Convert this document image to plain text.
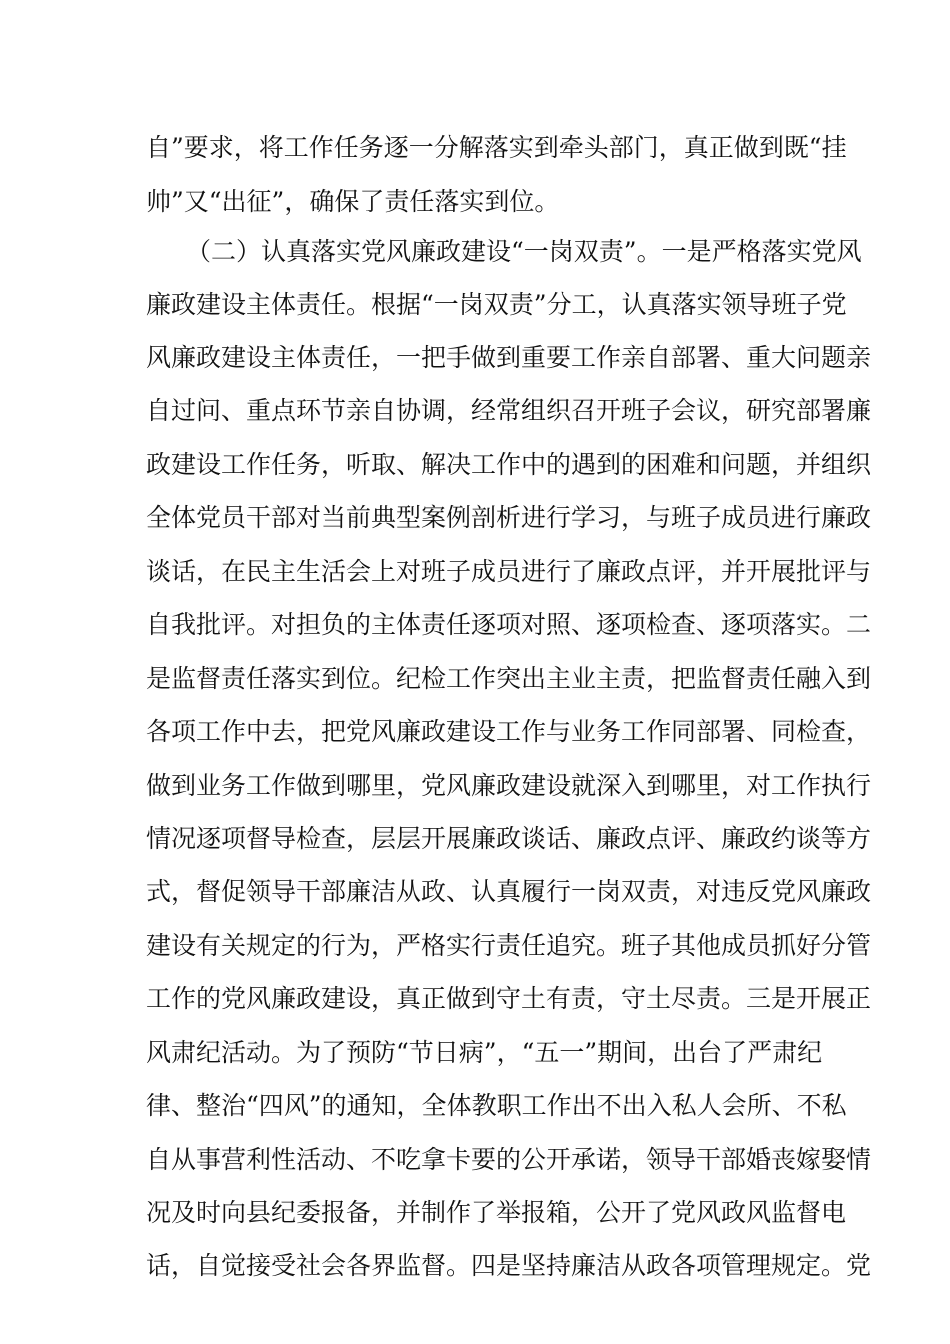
自”要求，将工作任务逐一分解落实到牵头部门，真正做到既“挂
帅”又“出征”，确保了责任落实到位。
（二）认真落实党风廉政建设“一岗双责”。一是严格落实党风
廉政建设主体责任。根据“一岗双责”分工，认真落实领导班子党
风廉政建设主体责任，一把手做到重要工作亲自部署、重大问题亲
自过问、重点环节亲自协调，经常组织召开班子会议，研究部署廉
政建设工作任务，听取、解决工作中的遇到的困难和问题，并组织
全体党员干部对当前典型案例剖析进行学习，与班子成员进行廉政
谈话，在民主生活会上对班子成员进行了廉政点评，并开展批评与
自我批评。对担负的主体责任逐项对照、逐项检查、逐项落实。二
是监督责任落实到位。纪检工作突出主业主责，把监督责任融入到
各项工作中去，把党风廉政建设工作与业务工作同部署、同检查，
做到业务工作做到哪里，党风廉政建设就深入到哪里，对工作执行
情况逐项督导检查，层层开展廉政谈话、廉政点评、廉政约谈等方
式，督促领导干部廉洁从政、认真履行一岗双责，对违反党风廉政
建设有关规定的行为，严格实行责任追究。班子其他成员抓好分管
工作的党风廉政建设，真正做到守土有责，守土尽责。三是开展正
风肃纪活动。为了预防“节日病”，“五一”期间，出台了严肃纪
律、整治“四风”的通知，全体教职工作出不出入私人会所、不私
自从事营利性活动、不吃拿卡要的公开承诺，领导干部婚丧嫁娶情
况及时向县纪委报备，并制作了举报箱，公开了党风政风监督电
话，自觉接受社会各界监督。四是坚持廉洁从政各项管理规定。党
